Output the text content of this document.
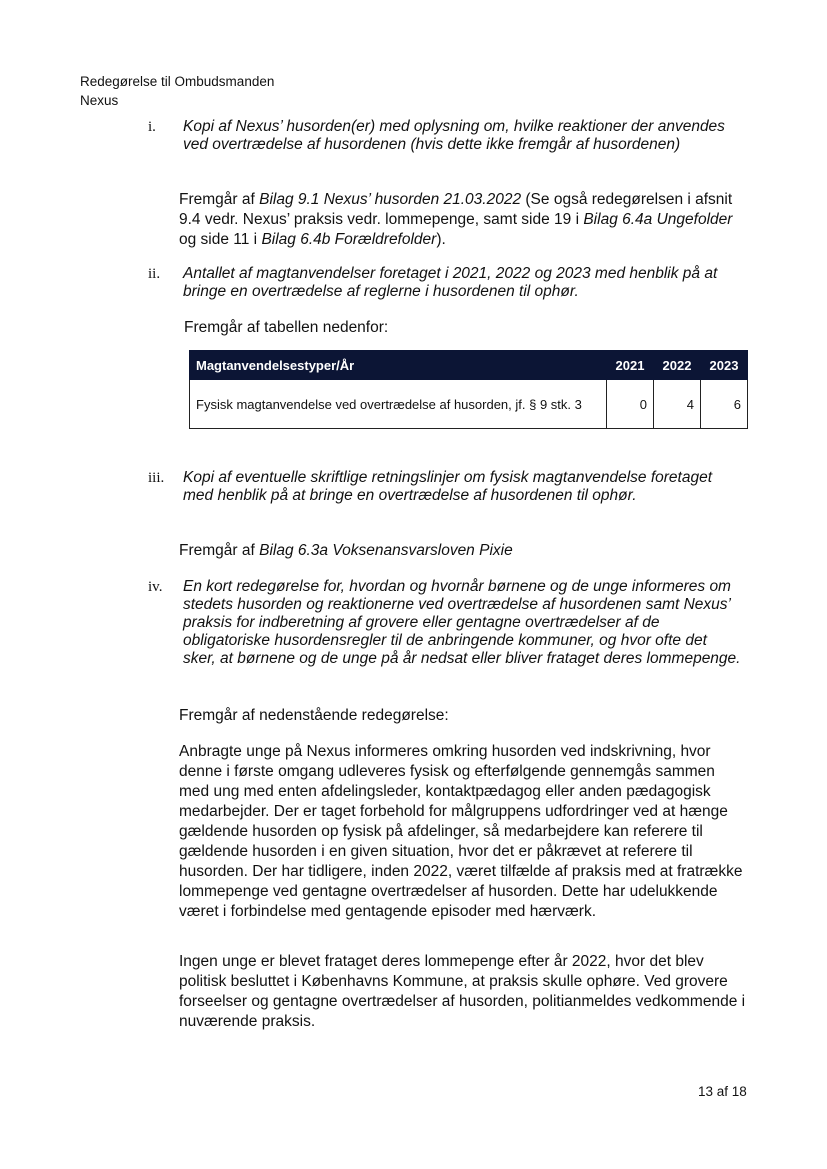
Redegørelse til Ombudsmanden
Nexus
i.	Kopi af Nexus’ husorden(er) med oplysning om, hvilke reaktioner der anvendes ved overtrædelse af husordenen (hvis dette ikke fremgår af husordenen)
Fremgår af Bilag 9.1 Nexus’ husorden 21.03.2022 (Se også redegørelsen i afsnit 9.4 vedr. Nexus’ praksis vedr. lommepenge, samt side 19 i Bilag 6.4a Ungefolder og side 11 i Bilag 6.4b Forældrefolder).
ii.	Antallet af magtanvendelser foretaget i 2021, 2022 og 2023 med henblik på at bringe en overtrædelse af reglerne i husordenen til ophør.
Fremgår af tabellen nedenfor:
Magtanvendelsestyper/År	2021	2022	2023
Fysisk magtanvendelse ved overtrædelse af husorden, jf. § 9 stk. 3	0	4	6
iii.	Kopi af eventuelle skriftlige retningslinjer om fysisk magtanvendelse foretaget med henblik på at bringe en overtrædelse af husordenen til ophør.
Fremgår af Bilag 6.3a Voksenansvarsloven Pixie
iv.	En kort redegørelse for, hvordan og hvornår børnene og de unge informeres om stedets husorden og reaktionerne ved overtrædelse af husordenen samt Nexus’ praksis for indberetning af grovere eller gentagne overtrædelser af de obligatoriske husordensregler til de anbringende kommuner, og hvor ofte det sker, at børnene og de unge på år nedsat eller bliver frataget deres lommepenge.
Fremgår af nedenstående redegørelse:
Anbragte unge på Nexus informeres omkring husorden ved indskrivning, hvor denne i første omgang udleveres fysisk og efterfølgende gennemgås sammen med ung med enten afdelingsleder, kontaktpædagog eller anden pædagogisk medarbejder. Der er taget forbehold for målgruppens udfordringer ved at hænge gældende husorden op fysisk på afdelinger, så medarbejdere kan referere til gældende husorden i en given situation, hvor det er påkrævet at referere til husorden. Der har tidligere, inden 2022, været tilfælde af praksis med at fratrække lommepenge ved gentagne overtrædelser af husorden. Dette har udelukkende været i forbindelse med gentagende episoder med hærværk.
Ingen unge er blevet frataget deres lommepenge efter år 2022, hvor det blev politisk besluttet i Københavns Kommune, at praksis skulle ophøre. Ved grovere forseelser og gentagne overtrædelser af husorden, politianmeldes vedkommende i nuværende praksis.
13 af 18
